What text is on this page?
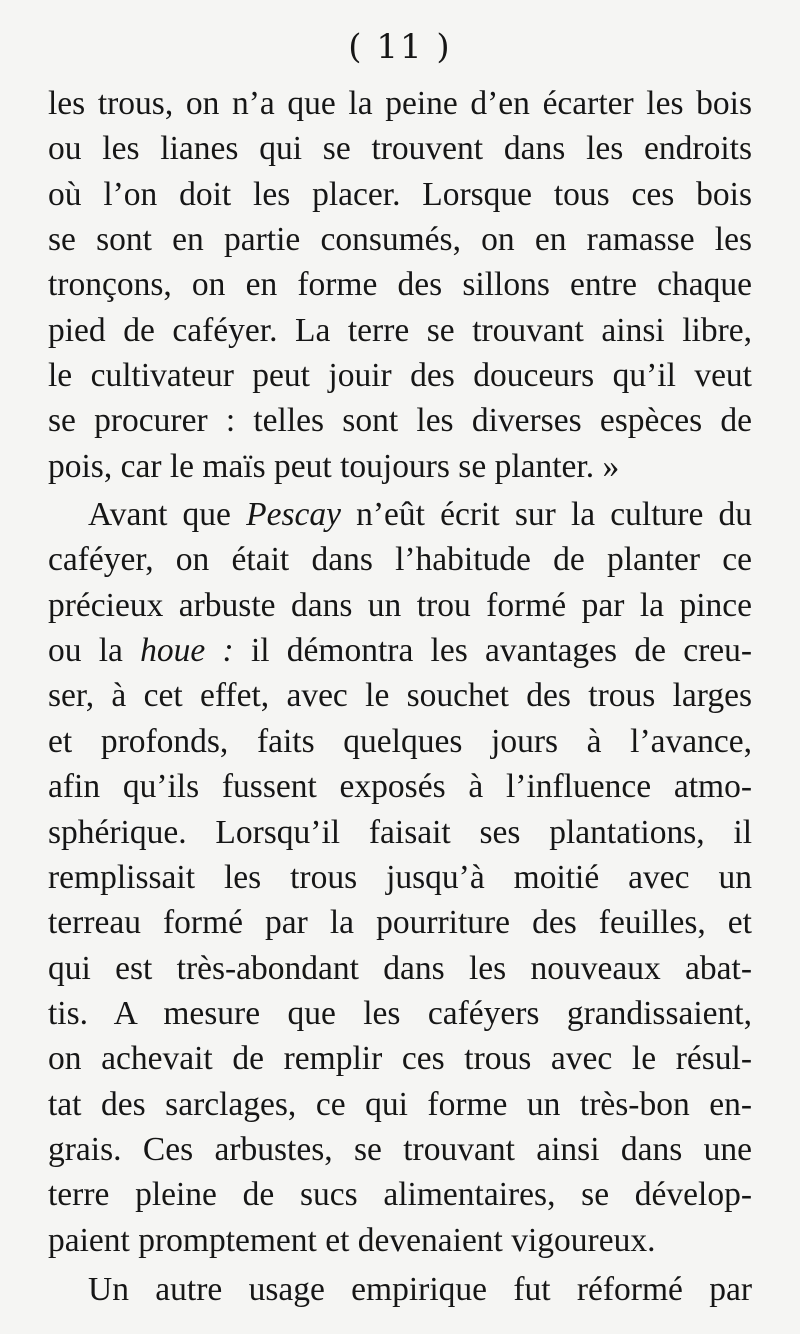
( 11 )
les trous, on n’a que la peine d’en écarter les bois
ou les lianes qui se trouvent dans les endroits
où l’on doit les placer. Lorsque tous ces bois
se sont en partie consumés, on en ramasse les
tronçons, on en forme des sillons entre chaque
pied de caféyer. La terre se trouvant ainsi libre,
le cultivateur peut jouir des douceurs qu’il veut
se procurer : telles sont les diverses espèces de
pois, car le maïs peut toujours se planter. »
Avant que Pescay n’eût écrit sur la culture du
caféyer, on était dans l’habitude de planter ce
précieux arbuste dans un trou formé par la pince
ou la houe : il démontra les avantages de creu-
ser, à cet effet, avec le souchet des trous larges
et profonds, faits quelques jours à l’avance,
afin qu’ils fussent exposés à l’influence atmo-
sphérique. Lorsqu’il faisait ses plantations, il
remplissait les trous jusqu’à moitié avec un
terreau formé par la pourriture des feuilles, et
qui est très-abondant dans les nouveaux abat-
tis. A mesure que les caféyers grandissaient,
on achevait de remplir ces trous avec le résul-
tat des sarclages, ce qui forme un très-bon en-
grais. Ces arbustes, se trouvant ainsi dans une
terre pleine de sucs alimentaires, se dévelop-
paient promptement et devenaient vigoureux.
Un autre usage empirique fut réformé par
